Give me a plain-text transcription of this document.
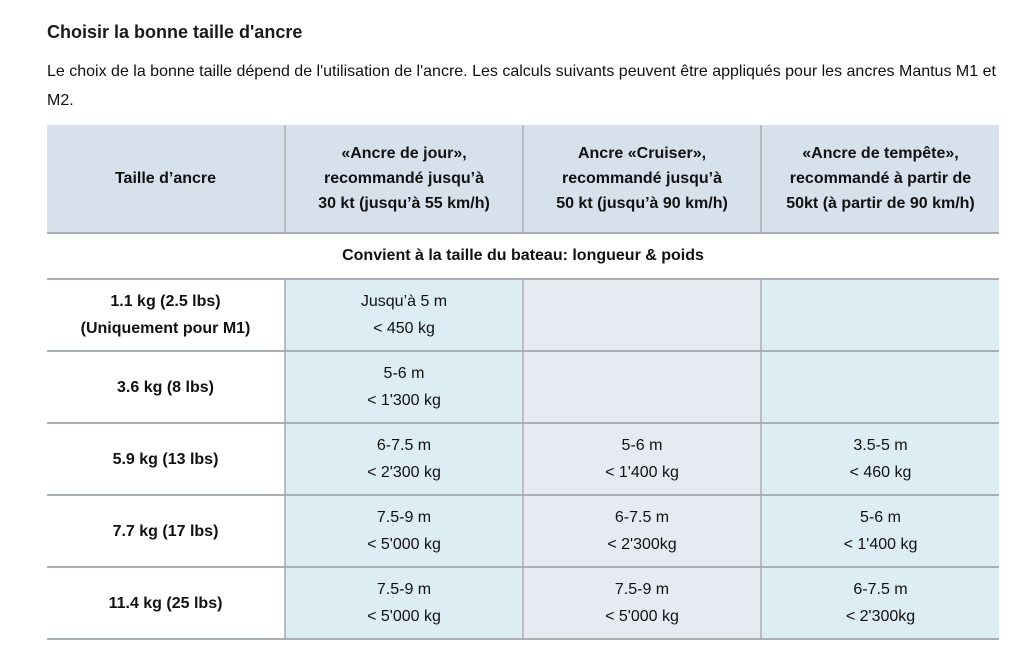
Choisir la bonne taille d'ancre

Le choix de la bonne taille dépend de l'utilisation de l'ancre. Les calculs suivants peuvent être appliqués pour les ancres Mantus M1 et M2.

Taille d’ancre	«Ancre de jour»,
recommandé jusqu’à
30 kt (jusqu’à 55 km/h)	Ancre «Cruiser»,
recommandé jusqu’à
50 kt (jusqu’à 90 km/h)	«Ancre de tempête»,
recommandé à partir de
50kt (à partir de 90 km/h)

Convient à la taille du bateau: longueur & poids			

1.1 kg (2.5 lbs)
(Uniquement pour M1)	Jusqu’à 5 m
< 450 kg		

3.6 kg (8 lbs)	5-6 m
< 1'300 kg		

5.9 kg (13 lbs)	6-7.5 m
< 2'300 kg	5-6 m
< 1'400 kg	3.5-5 m
< 460 kg

7.7 kg (17 lbs)	7.5-9 m
< 5'000 kg	6-7.5 m
< 2'300kg	5-6 m
< 1'400 kg

11.4 kg (25 lbs)	7.5-9 m
< 5'000 kg	7.5-9 m
< 5'000 kg	6-7.5 m
< 2'300kg
